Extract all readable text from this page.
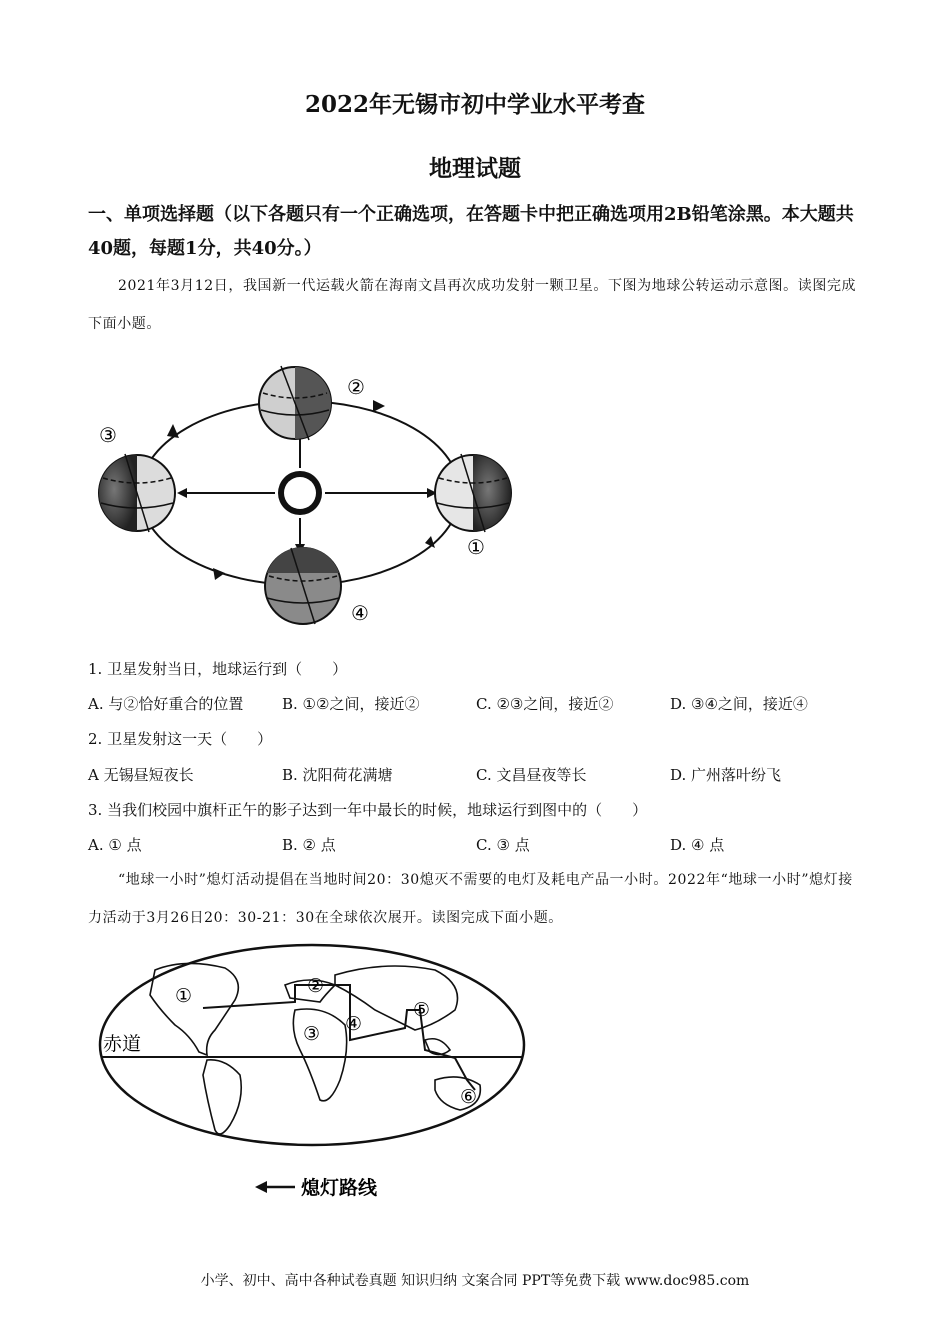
2022年无锡市初中学业水平考查
地理试题
一、单项选择题（以下各题只有一个正确选项，在答题卡中把正确选项用2B铅笔涂黑。本大题共40题，每题1分，共40分。）
2021年3月12日，我国新一代运载火箭在海南文昌再次成功发射一颗卫星。下图为地球公转运动示意图。读图完成下面小题。
②
③
①
④
1. 卫星发射当日，地球运行到（　　）
A. 与②恰好重合的位置	B. ①②之间，接近②	C. ②③之间，接近②	D. ③④之间，接近④
2. 卫星发射这一天（　　）
A 无锡昼短夜长	B. 沈阳荷花满塘	C. 文昌昼夜等长	D. 广州落叶纷飞
3. 当我们校园中旗杆正午的影子达到一年中最长的时候，地球运行到图中的（　　）
A. ① 点	B. ② 点	C. ③ 点	D. ④ 点
“地球一小时”熄灯活动提倡在当地时间20：30熄灭不需要的电灯及耗电产品一小时。2022年“地球一小时”熄灯接力活动于3月26日20：30-21：30在全球依次展开。读图完成下面小题。
赤道
①	②
③ ④
⑤
⑥
熄灯路线
小学、初中、高中各种试卷真题 知识归纳 文案合同 PPT等免费下载 www.doc985.com
